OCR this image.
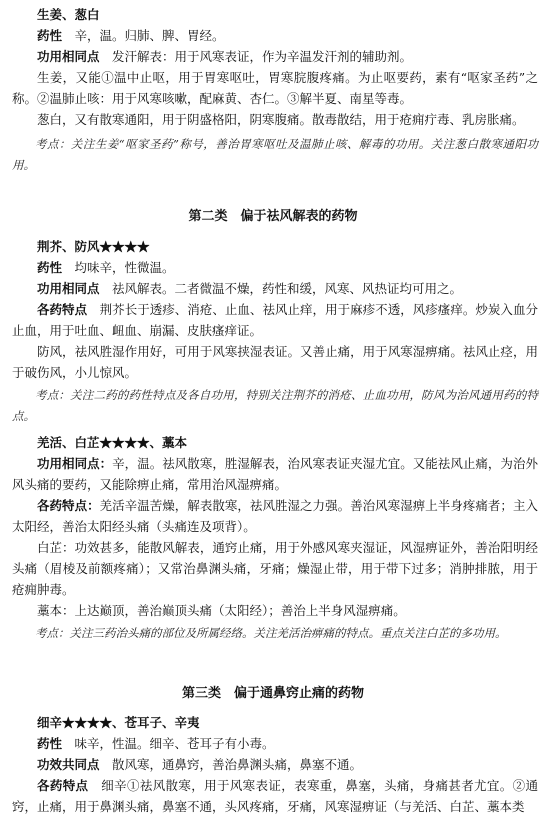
生姜、葱白

药性　 辛，温。归肺、脾、胃经。

功用相同点　 发汗解表：用于风寒表证，作为辛温发汗剂的辅助剂。

生姜，又能①温中止呕，用于胃寒呕吐，胃寒脘腹疼痛。为止呕要药，素有“呕家圣药”之称。②温肺止咳：用于风寒咳嗽，配麻黄、杏仁。③解半夏、南星等毒。

葱白，又有散寒通阳，用于阴盛格阳，阴寒腹痛。散毒散结，用于疮痈疔毒、乳房胀痛。

考点：关注生姜“呕家圣药”称号，善治胃寒呕吐及温肺止咳、解毒的功用。关注葱白散寒通阳功用。

第二类　偏于祛风解表的药物

荆芥、防风★★★★

药性　 均味辛，性微温。

功用相同点　 祛风解表。二者微温不燥，药性和缓，风寒、风热证均可用之。

各药特点　 荆芥长于透疹、消疮、止血、祛风止痒，用于麻疹不透，风疹瘙痒。炒炭入血分止血，用于吐血、衄血、崩漏、皮肤瘙痒证。

防风，祛风胜湿作用好，可用于风寒挟湿表证。又善止痛，用于风寒湿痹痛。祛风止痉，用于破伤风，小儿惊风。

考点：关注二药的药性特点及各自功用，特别关注荆芥的消疮、止血功用，防风为治风通用药的特点。

羌活、白芷★★★★、藁本

功用相同点：辛，温。祛风散寒，胜湿解表，治风寒表证夹湿尤宜。又能祛风止痛，为治外风头痛的要药，又能除痹止痛，常用治风湿痹痛。

各药特点：羌活辛温苦燥，解表散寒，祛风胜湿之力强。善治风寒湿痹上半身疼痛者；主入太阳经，善治太阳经头痛（头痛连及项背）。

白芷：功效甚多，能散风解表，通窍止痛，用于外感风寒夹湿证，风湿痹证外，善治阳明经头痛（眉棱及前额疼痛）；又常治鼻渊头痛，牙痛；燥湿止带，用于带下过多；消肿排脓，用于疮痈肿毒。

藁本：上达巅顶，善治巅顶头痛（太阳经）；善治上半身风湿痹痛。

考点：关注三药治头痛的部位及所属经络。关注羌活治痹痛的特点。重点关注白芷的多功用。

第三类　偏于通鼻窍止痛的药物

细辛★★★★、苍耳子、辛夷

药性　 味辛，性温。细辛、苍耳子有小毒。

功效共同点　 散风寒，通鼻窍，善治鼻渊头痛，鼻塞不通。

各药特点　 细辛①祛风散寒，用于风寒表证，表寒重，鼻塞，头痛，身痛甚者尤宜。②通窍，止痛，用于鼻渊头痛，鼻塞不通，头风疼痛，牙痛，风寒湿痹证（与羌活、白芷、藁本类
